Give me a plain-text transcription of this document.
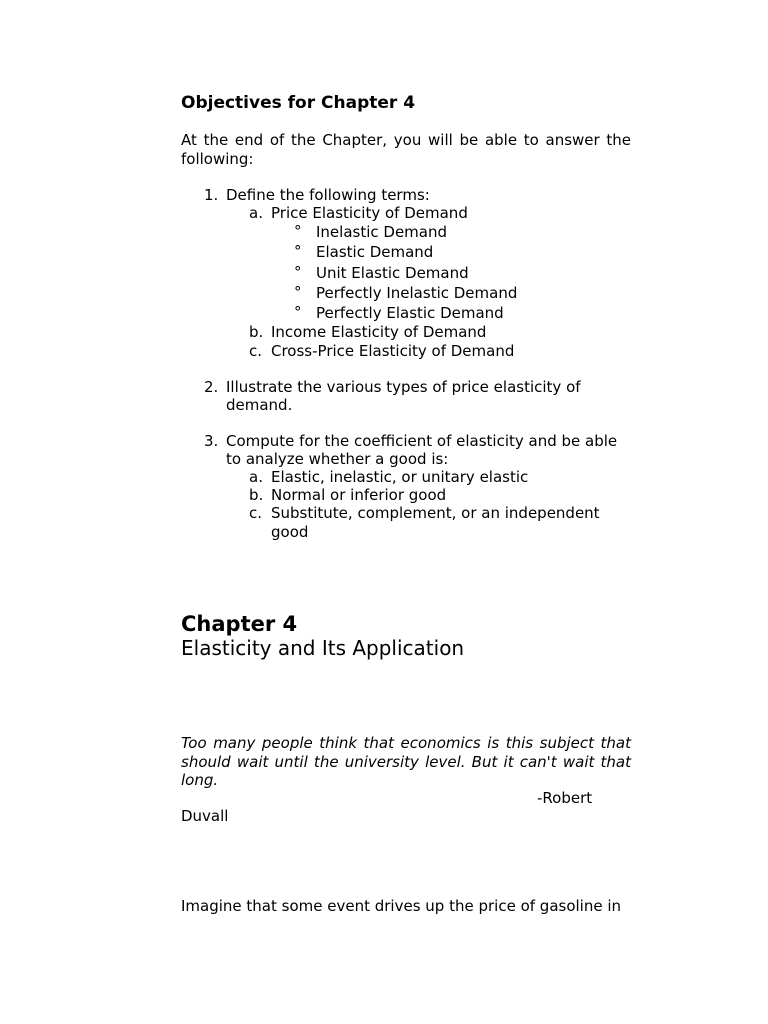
Objectives for Chapter 4
At the end of the Chapter, you will be able to answer the following:
1. Define the following terms:
a. Price Elasticity of Demand
° Inelastic Demand
° Elastic Demand
° Unit Elastic Demand
° Perfectly Inelastic Demand
° Perfectly Elastic Demand
b. Income Elasticity of Demand
c. Cross-Price Elasticity of Demand
2. Illustrate the various types of price elasticity of
demand.
3. Compute for the coefficient of elasticity and be able
to analyze whether a good is:
a. Elastic, inelastic, or unitary elastic
b. Normal or inferior good
c. Substitute, complement, or an independent
good
Chapter 4
Elasticity and Its Application
Too many people think that economics is this subject that should wait until the university level. But it can't wait that long.
-Robert
Duvall
Imagine that some event drives up the price of gasoline in
